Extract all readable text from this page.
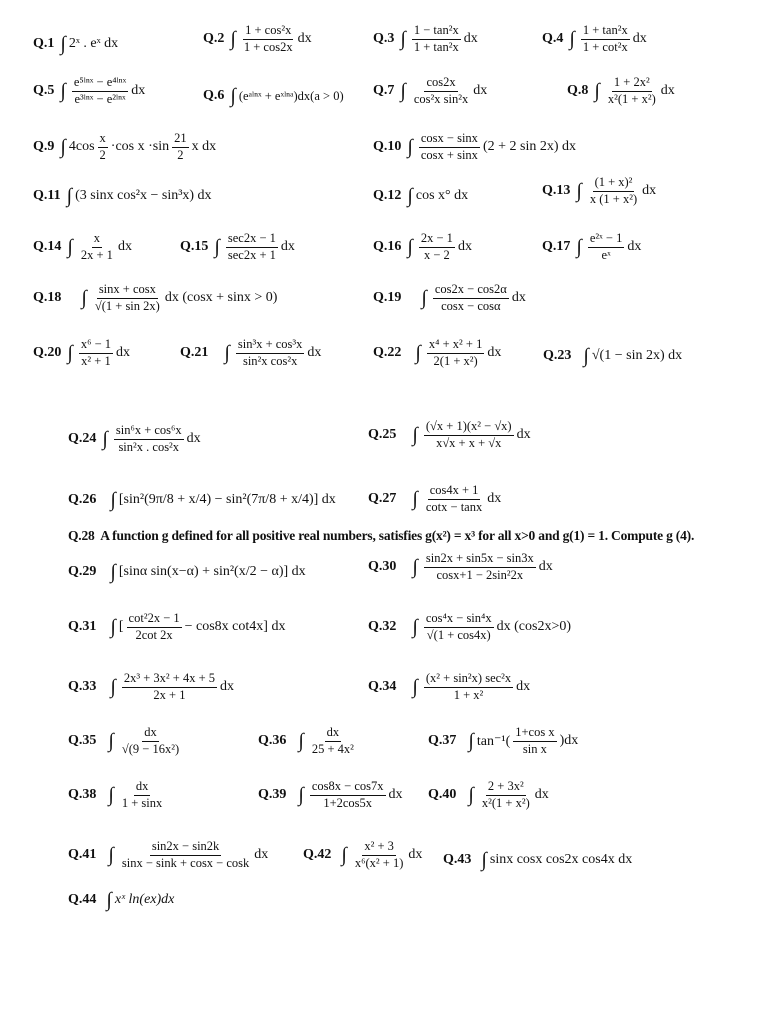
Q.1 ∫ 2ˣ . eˣ dx	Q.2 ∫ $\frac{\text{1 + cos²x}}{1 + \cos 2x}$ dx	Q.3 ∫ $\frac{\text{1 − tan²x}}{\text{1 + tan²x}}$ dx	Q.4 ∫ $\frac{\text{1 + tan²x}}{\text{1 + cot²x}}$ dx
Q.5 ∫ $\frac{\text{e⁵ˡⁿˣ − e⁴ˡⁿˣ}}{\text{e³ˡⁿˣ − e²ˡⁿˣ}}$ dx	Q.6 ∫ (eᵃˡⁿˣ + eˣˡⁿᵃ)dx(a > 0) Q.7 ∫ $\frac{\cos 2x}{\text{cos²x sin²x}}$ dx	Q.8 ∫ $\frac{\text{1 + 2x²}}{\text{x²(1 + x²)}}$ dx
Q.9 ∫ $4\cos \frac{x}{2} \cdot\cos$ $x \cdot\sin \frac{21}{2}$ x dx	Q.10 ∫ $\frac{\cos x - \sin x}{\cos x + \sin x} (2 + 2$ sin 2x) dx
Q.11 ∫ (3 sinx cos²x − sin³x) dx	Q.12 ∫ cos x° dx	Q.13 ∫ $\frac{\text{(1 + x)²}}{\text{x (1 + x²)}}$ dx
Q.14 ∫ $\frac{x}{2x + 1}$ dx	Q.15 ∫ $\frac{\sec 2x - 1}{\sec 2x + 1}$ dx	Q.16 ∫ $\frac{2x - 1}{x - 2}$ dx	Q.17 ∫ $\frac{\text{e²ˣ − 1}}{\text{eˣ}}$ dx
Q.18 ∫ $\frac{\sin x + \cos x}{√(1 + \sin 2x)}$ dx (cosx + sinx > 0)	Q.19 ∫ $\frac{\cos 2x - \cos 2\alpha}{\cos x - \cos\alpha}$ dx
Q.20 ∫ $\frac{\text{x⁶ − 1}}{\text{x² + 1}}$ dx	Q.21 ∫ $\frac{\text{sin³x + cos³x}}{\text{sin²x cos²x}}$ dx	Q.22 ∫ $\frac{\text{x⁴ + x² + 1}}{\text{2(1 + x²)}}$ dx	Q.23 ∫ √(1 − sin 2x) dx
Q.24 ∫ $\frac{\text{sin⁶x + cos⁶x}}{\text{sin²x . cos²x}}$ dx	Q.25 ∫ $\frac{\text{(√x + 1)(x² − √x)}}{x√x + x + √x}$ dx
Q.26 ∫ [sin²(9π/8 + x/4) − sin²(7π/8 + x/4)] dx Q.27 ∫ $\frac{\cos 4x + 1}{\cot x - \tan x}$ dx
Q.28 A function g defined for all positive real numbers, satisfies g(x²) = x³ for all x>0 and g(1) = 1. Compute g (4).
Q.29 ∫ [sinα sin(x−α) + sin²(x/2 − α)] dx	Q.30 ∫ $\frac{\sin 2x + \sin 5x - \sin 3x}{\text{cosx+1 − 2sin²2x}}$ dx
Q.31 ∫ [ $\frac{\text{cot²2x − 1}}{2\cot 2x} - \cos 8x$ cot4x] dx	Q.32 ∫ $\frac{\text{cos⁴x − sin⁴x}}{√(1 + \cos 4x)}$ dx (cos2x>0)
Q.33 ∫ $\frac{\text{2x³ + 3x² + 4x + 5}}{2x + 1}$ dx	Q.34 ∫ $\frac{\text{(x² + sin²x) sec²x}}{\text{1 + x²}}$ dx
Q.35 ∫ $\frac{dx}{\text{√(9 − 16x²)}}$	Q.36 ∫ $\frac{dx}{\text{25 + 4x²}}$	Q.37 ∫ $\tan^{-1}( \frac{\text{1+cos x}}{\text{sin x}} )dx$
Q.38 ∫ $\frac{dx}{1 + \sin x}$	Q.39 ∫ $\frac{\cos 8x - \cos 7x}{1+2\cos 5x}$ dx Q.40 ∫ $\frac{\text{2 + 3x²}}{\text{x²(1 + x²)}}$ dx
Q.41 ∫ $\frac{\sin 2x - \sin 2k}{\sin x - \sin k + \cos x - \cos k}$ dx Q.42 ∫ $\frac{\text{x² + 3}}{\text{x⁶(x² + 1)}}$ dx Q.43 ∫ sinx cosx cos2x cos4x dx
Q.44 ∫ xˣ ln(ex)dx
